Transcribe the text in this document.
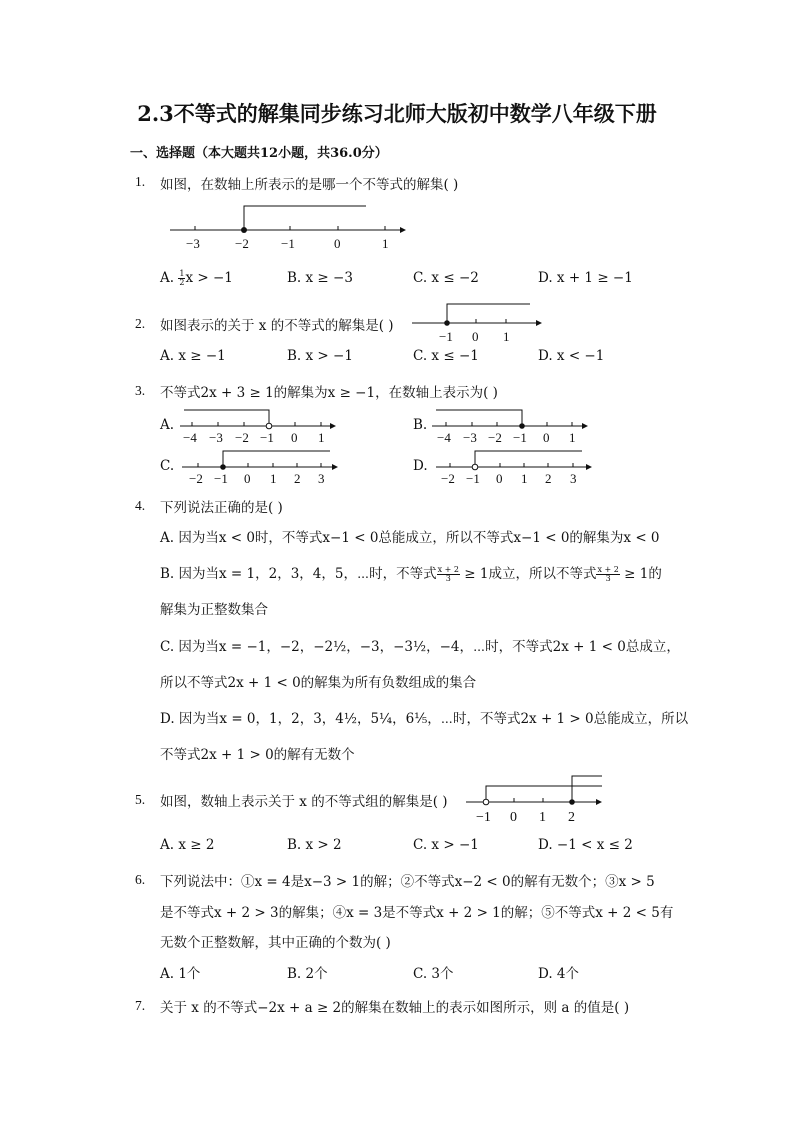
2.3不等式的解集同步练习北师大版初中数学八年级下册
一、选择题（本大题共12小题，共36.0分）
1. 如图，在数轴上所表示的是哪一个不等式的解集( )
−3	−2 −1	0	1
A. $\frac{1}{2}$ x > −1	B. x ≥ −3	C. x ≤ −2	D. x + 1 ≥ −1
2. 如图表示的关于 x 的不等式的解集是( )
−1 0 1
A. x ≥ −1	B. x > −1	C. x ≤ −1	D. x < −1
3. 不等式2x + 3 ≥ 1的解集为x ≥ −1，在数轴上表示为( )
A.
−4 −3 −2 −1 0 1
B.
−4 −3 −2 −1 0 1
C.
−2 −1 0 1 2 3
D.
−2 −1 0 1 2 3
4. 下列说法正确的是( )
A. 因为当x < 0时，不等式x−1 < 0总能成立，所以不等式x−1 < 0的解集为x < 0
B. 因为当x = 1，2，3，4，5，⋯时，不等式 $\frac{x + 2}{3} \ge 1$成立，所以不等式 $\frac{x + 2}{3} \ge 1$的
解集为正整数集合
C. 因为当x = −1，−2，−2½，−3，−3½，−4，⋯时，不等式2x + 1 < 0总成立，
所以不等式2x + 1 < 0的解集为所有负数组成的集合
D. 因为当x = 0，1，2，3，4½，5¼，6⅕，⋯时，不等式2x + 1 > 0总能成立，所以
不等式2x + 1 > 0的解有无数个
5. 如图，数轴上表示关于 x 的不等式组的解集是( )
−1 0 1 2
A. x ≥ 2	B. x > 2	C. x > −1	D. −1 < x ≤ 2
6. 下列说法中：①x = 4是x−3 > 1的解；②不等式x−2 < 0的解有无数个；③x > 5
是不等式x + 2 > 3的解集；④x = 3是不等式x + 2 > 1的解；⑤不等式x + 2 < 5有
无数个正整数解，其中正确的个数为( )
A. 1个	B. 2个	C. 3个	D. 4个
7. 关于 x 的不等式−2x + a ≥ 2的解集在数轴上的表示如图所示，则 a 的值是( )
